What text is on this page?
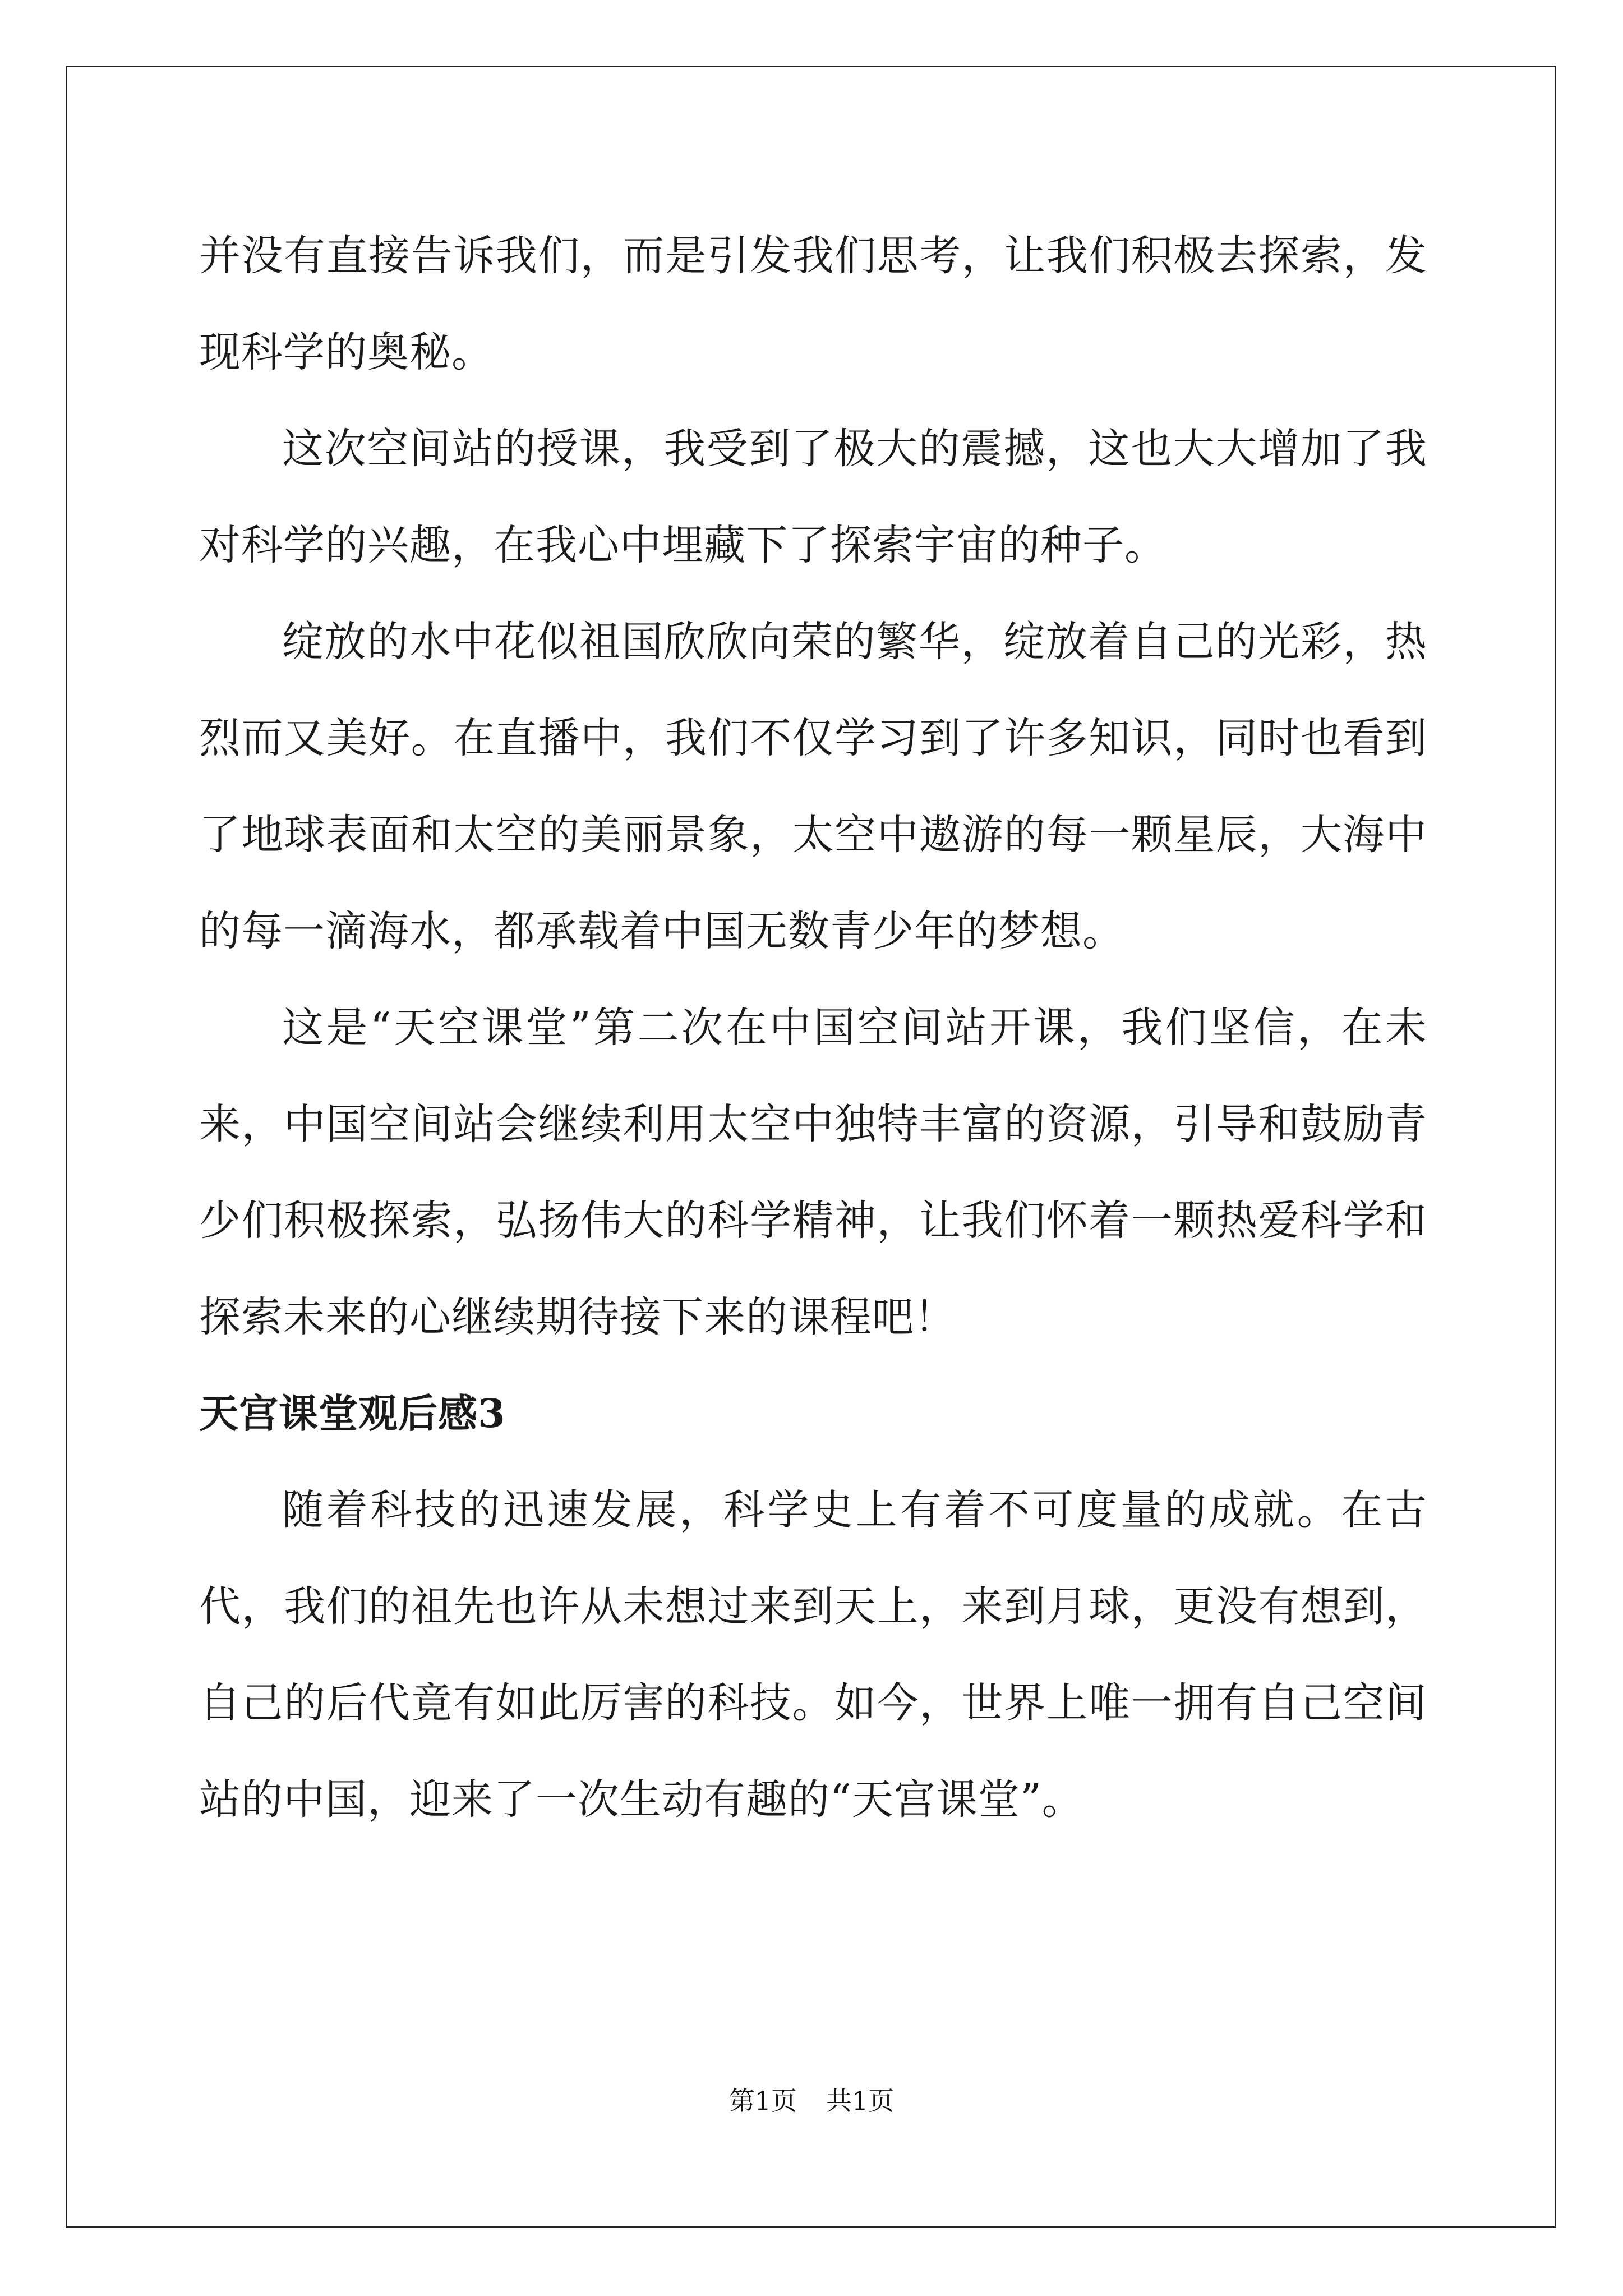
并没有直接告诉我们，而是引发我们思考，让我们积极去探索，发现科学的奥秘。

这次空间站的授课，我受到了极大的震撼，这也大大增加了我对科学的兴趣，在我心中埋藏下了探索宇宙的种子。

绽放的水中花似祖国欣欣向荣的繁华，绽放着自己的光彩，热烈而又美好。在直播中，我们不仅学习到了许多知识，同时也看到了地球表面和太空的美丽景象，太空中遨游的每一颗星辰，大海中的每一滴海水，都承载着中国无数青少年的梦想。

这是“天空课堂”第二次在中国空间站开课，我们坚信，在未来，中国空间站会继续利用太空中独特丰富的资源，引导和鼓励青少们积极探索，弘扬伟大的科学精神，让我们怀着一颗热爱科学和探索未来的心继续期待接下来的课程吧！

天宫课堂观后感3

随着科技的迅速发展，科学史上有着不可度量的成就。在古代，我们的祖先也许从未想过来到天上，来到月球，更没有想到，自己的后代竟有如此厉害的科技。如今，世界上唯一拥有自己空间站的中国，迎来了一次生动有趣的“天宫课堂”。

第1页 共1页
